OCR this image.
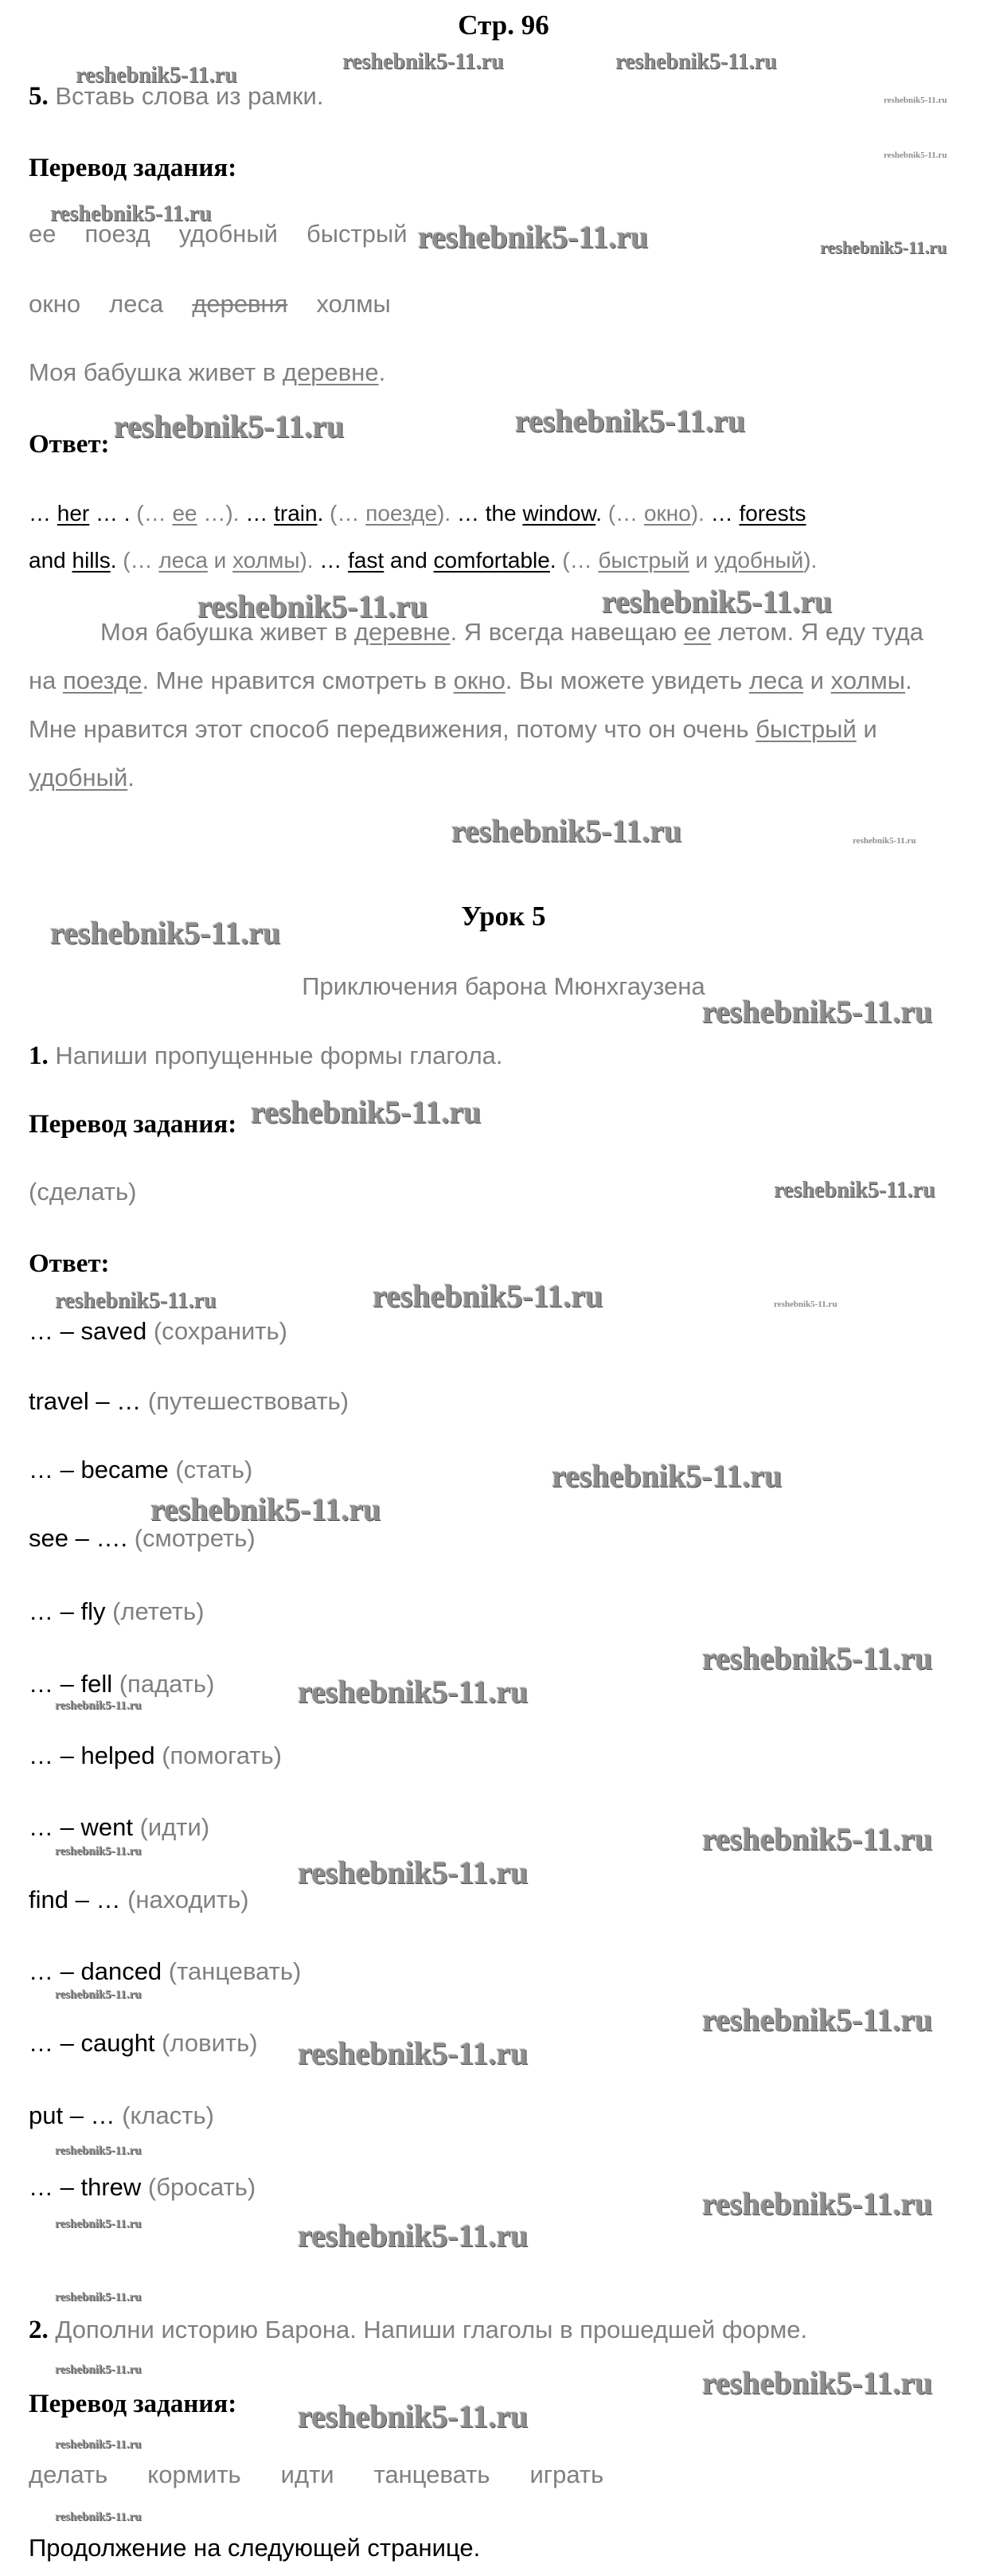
Стр. 96
5. Вставь слова из рамки.
Перевод задания:
ее поезд удобный быстрый
окно леса деревня холмы
Моя бабушка живет в деревне.
Ответ:
… her … . (… ее …). … train. (… поезде). … the window. (… окно). … forests
and hills. (… леса и холмы). … fast and comfortable. (… быстрый и удобный).
Моя бабушка живет в деревне. Я всегда навещаю ее летом. Я еду туда
на поезде. Мне нравится смотреть в окно. Вы можете увидеть леса и холмы.
Мне нравится этот способ передвижения, потому что он очень быстрый и
удобный.
Урок 5
Приключения барона Мюнхгаузена
1. Напиши пропущенные формы глагола.
Перевод задания:
(сделать)
Ответ:
… – saved (сохранить)
travel – … (путешествовать)
… – became (стать)
see – …. (смотреть)
… – fly (лететь)
… – fell (падать)
… – helped (помогать)
… – went (идти)
find – … (находить)
… – danced (танцевать)
… – caught (ловить)
put – … (класть)
… – threw (бросать)
2. Дополни историю Барона. Напиши глаголы в прошедшей форме.
Перевод задания:
делать кормить идти танцевать играть
Продолжение на следующей странице.
reshebnik5-11.ru
reshebnik5-11.ru	reshebnik5-11.ru
reshebnik5-11.ru
reshebnik5-11.ru
reshebnik5-11.ru
reshebnik5-11.ru	reshebnik5-11.ru
reshebnik5-11.ru	reshebnik5-11.ru
reshebnik5-11.ru	reshebnik5-11.ru
reshebnik5-11.ru	reshebnik5-11.ru
reshebnik5-11.ru
reshebnik5-11.ru
reshebnik5-11.ru
reshebnik5-11.ru
reshebnik5-11.ru	reshebnik5-11.ru	reshebnik5-11.ru
reshebnik5-11.ru
reshebnik5-11.ru
reshebnik5-11.ru
reshebnik5-11.ru
reshebnik5-11.ru
reshebnik5-11.ru
reshebnik5-11.ru
reshebnik5-11.ru
reshebnik5-11.ru
reshebnik5-11.ru
reshebnik5-11.ru
reshebnik5-11.ru
reshebnik5-11.ru
reshebnik5-11.ru	reshebnik5-11.ru
reshebnik5-11.ru
reshebnik5-11.ru	reshebnik5-11.ru
reshebnik5-11.ru
reshebnik5-11.ru
reshebnik5-11.ru
